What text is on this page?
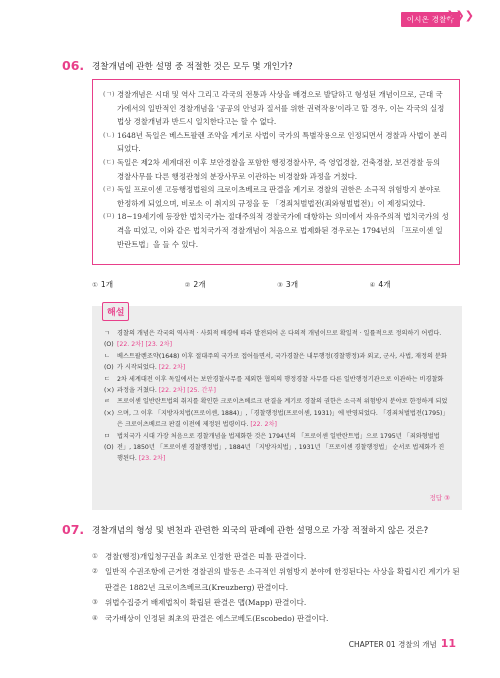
이시온 경찰학
❯❯❯
06. 경찰개념에 관한 설명 중 적절한 것은 모두 몇 개인가?
(ㄱ) 경찰개념은 시대 및 역사 그리고 각국의 전통과 사상을 배경으로 발달하고 형성된 개념이므로, 근대 국가에서의 일반적인 경찰개념을 '공공의 안녕과 질서를 위한 권력작용'이라고 할 경우, 이는 각국의 실정법상 경찰개념과 반드시 일치한다고는 할 수 없다.
(ㄴ) 1648년 독일은 베스트팔렌 조약을 계기로 사법이 국가의 특별작용으로 인정되면서 경찰과 사법이 분리되었다.
(ㄷ) 독일은 제2차 세계대전 이후 보안경찰을 포함한 행정경찰사무, 즉 영업경찰, 건축경찰, 보건경찰 등의 경찰사무를 다른 행정관청의 분장사무로 이관하는 비경찰화 과정을 거쳤다.
(ㄹ) 독일 프로이센 고등행정법원의 크로이츠베르크 판결을 계기로 경찰의 권한은 소극적 위험방지 분야로 한정하게 되었으며, 비로소 이 취지의 규정을 둔 「경죄처벌법전(죄와형벌법전)」이 제정되었다.
(ㅁ) 18~19세기에 등장한 법치국가는 절대주의적 경찰국가에 대항하는 의미에서 자유주의적 법치국가의 성격을 띠었고, 이와 같은 법치국가적 경찰개념이 처음으로 법제화된 경우로는 1794년의 「프로이센 일반란트법」을 들 수 있다.
① 1개	② 2개	③ 3개	④ 4개
해설
ㄱ (O)
경찰의 개념은 각국의 역사적 · 사회적 배경에 따라 발전되어 온 다의적 개념이므로 확일적 · 일률적으로 정의하기 어렵다. [22. 2차] [23. 2차]
ㄴ (O)
베스트팔렌조약(1648) 이후 절대주의 국가로 접어들면서, 국가경찰은 내무행정(경찰행정)과 외교, 군사, 사법, 재정의 분화가 시작되었다. [22. 2차]
ㄷ (×)
2차 세계대전 이후 독일에서는 보안경찰사무를 제외한 협의의 행정경찰 사무를 다른 일반행정기관으로 이관하는 비경찰화 과정을 거쳤다. [22. 2차] [25. 간부]
ㄹ (×)
프로이센 일반란트법의 취지를 확인한 크로이츠베르크 판결을 계기로 경찰의 권한은 소극적 위험방지 분야로 한정하게 되었으며, 그 이후 「지방자치법(프로이센, 1884)」,「경찰행정법(프로이센, 1931)」에 반영되었다. 「경죄처벌법전(1795)」은 크로이츠베르크 판결 이전에 제정된 법령이다. [22. 2차]
ㅁ (O)
법치국가 시대 가장 처음으로 경찰개념을 법제화한 것은 1794년의 「프로이센 일반란트법」으로 1795년 「죄와형벌법전」, 1850년 「프로이센 경찰행정법」, 1884년 「지방자치법」, 1931년 「프로이센 경찰행정법」 순서로 법제화가 진행된다. [23. 2차]
정답 ③
07. 경찰개념의 형성 및 변천과 관련한 외국의 판례에 관한 설명으로 가장 적절하지 않은 것은?
① 경찰(행정)개입청구권을 최초로 인정한 판결은 띠톨 판결이다.
② 일반적 수권조항에 근거한 경찰권의 발동은 소극적인 위험방지 분야에 한정된다는 사상을 확립시킨 계기가 된 판결은 1882년 크로이츠베르크(Kreuzberg) 판결이다.
③ 위법수집증거 배제법칙이 확립된 판결은 맵(Mapp) 판결이다.
④ 국가배상이 인정된 최초의 판결은 에스코베도(Escobedo) 판결이다.
CHAPTER 01 경찰의 개념 11
